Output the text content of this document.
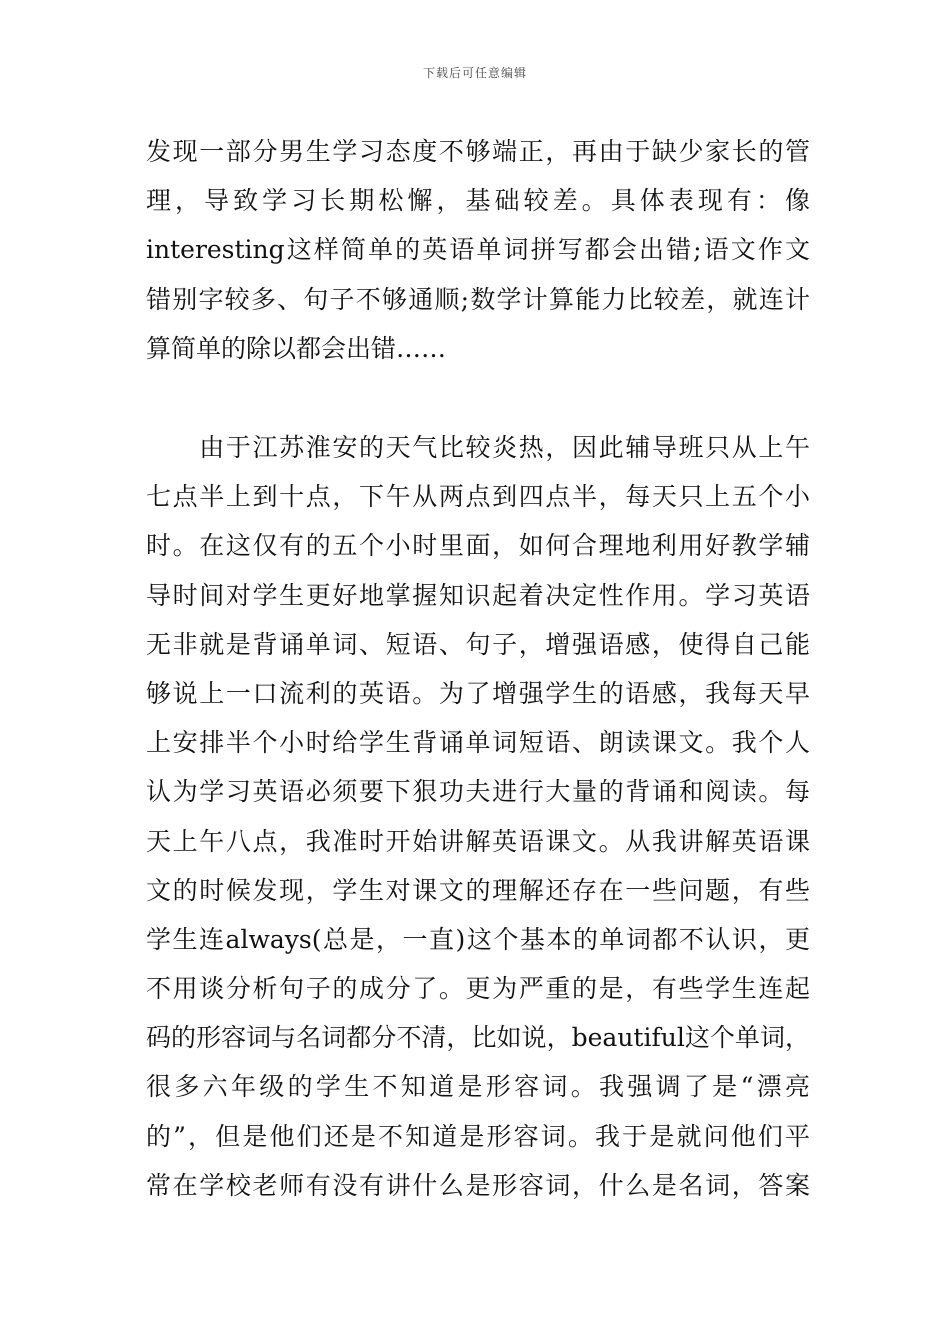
下载后可任意编辑
发现一部分男生学习态度不够端正，再由于缺少家长的管
理，导致学习长期松懈，基础较差。具体表现有：像
interesting这样简单的英语单词拼写都会出错;语文作文
错别字较多、句子不够通顺;数学计算能力比较差，就连计
算简单的除以都会出错……
　　由于江苏淮安的天气比较炎热，因此辅导班只从上午
七点半上到十点，下午从两点到四点半，每天只上五个小
时。在这仅有的五个小时里面，如何合理地利用好教学辅
导时间对学生更好地掌握知识起着决定性作用。学习英语
无非就是背诵单词、短语、句子，增强语感，使得自己能
够说上一口流利的英语。为了增强学生的语感，我每天早
上安排半个小时给学生背诵单词短语、朗读课文。我个人
认为学习英语必须要下狠功夫进行大量的背诵和阅读。每
天上午八点，我准时开始讲解英语课文。从我讲解英语课
文的时候发现，学生对课文的理解还存在一些问题，有些
学生连always(总是，一直)这个基本的单词都不认识，更
不用谈分析句子的成分了。更为严重的是，有些学生连起
码的形容词与名词都分不清，比如说，beautiful这个单词，
很多六年级的学生不知道是形容词。我强调了是“漂亮
的”，但是他们还是不知道是形容词。我于是就问他们平
常在学校老师有没有讲什么是形容词，什么是名词，答案
